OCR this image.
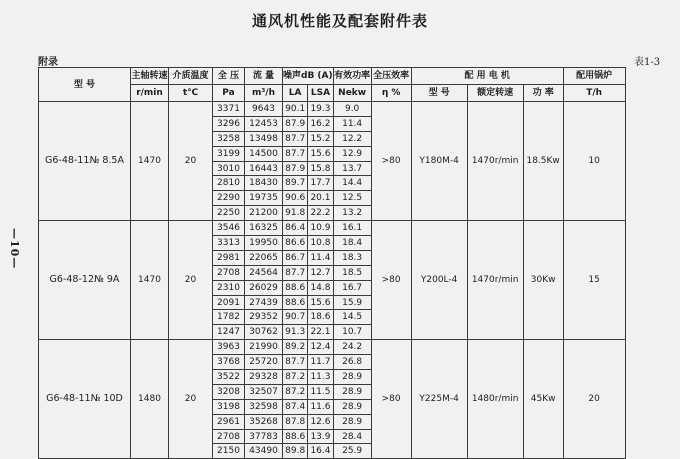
通风机性能及配套附件表
附录	表1-3
—10—
型 号	主轴转速	介质温度	全 压	流 量	噪声dB (A)		有效功率	全压效率	配 用 电 机			配用锅炉
	r/min	t℃	Pa	m³/h	LA	LSA	Nekw	η %	型 号	额定转速	功 率	T/h
G6-48-11№ 8.5A	1470	20	3371	9643	90.1	19.3	9.0	>80	Y180M-4	1470r/min	18.5Kw	10
			3296	12453	87.9	16.2	11.4					
			3258	13498	87.7	15.2	12.2					
			3199	14500	87.7	15.6	12.9					
			3010	16443	87.9	15.8	13.7					
			2810	18430	89.7	17.7	14.4					
			2290	19735	90.6	20.1	12.5					
			2250	21200	91.8	22.2	13.2					
G6-48-12№ 9A	1470	20	3546	16325	86.4	10.9	16.1	>80	Y200L-4	1470r/min	30Kw	15
			3313	19950	86.6	10.8	18.4					
			2981	22065	86.7	11.4	18.3					
			2708	24564	87.7	12.7	18.5					
			2310	26029	88.6	14.8	16.7					
			2091	27439	88.6	15.6	15.9					
			1782	29352	90.7	18.6	14.5					
			1247	30762	91.3	22.1	10.7					
G6-48-11№ 10D	1480	20	3963	21990	89.2	12.4	24.2	>80	Y225M-4	1480r/min	45Kw	20
			3768	25720	87.7	11.7	26.8					
			3522	29328	87.2	11.3	28.9					
			3208	32507	87.2	11.5	28.9					
			3198	32598	87.4	11.6	28.9					
			2961	35268	87.8	12.6	28.9					
			2708	37783	88.6	13.9	28.4					
			2150	43490	89.8	16.4	25.9					
